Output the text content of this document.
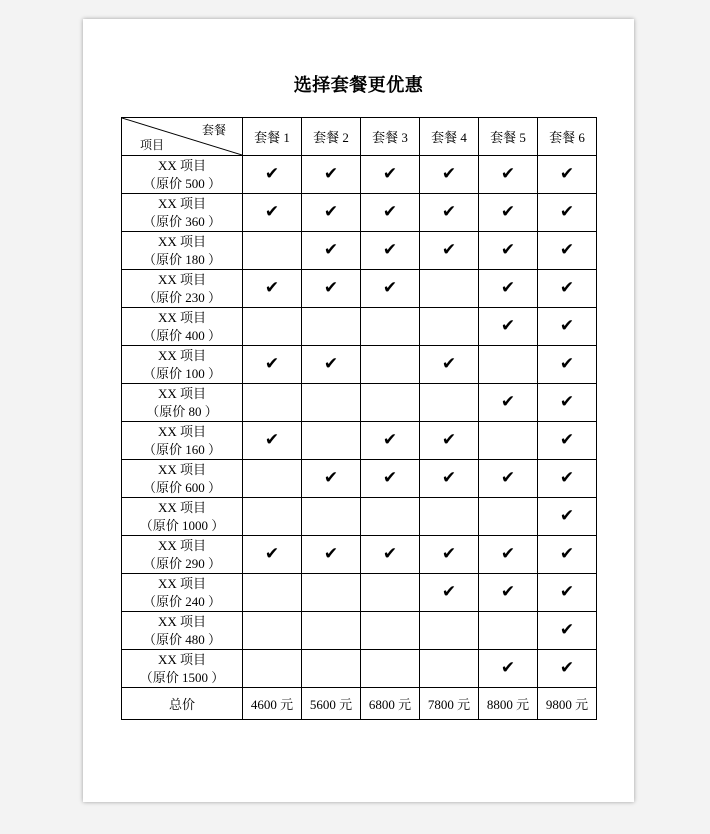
选择套餐更优惠
套餐
项目	套餐 1	套餐 2	套餐 3	套餐 4	套餐 5	套餐 6

XX 项目
（原价 500 ）	✔	✔	✔	✔	✔	✔

XX 项目
（原价 360 ）	✔	✔	✔	✔	✔	✔

XX 项目
（原价 180 ）		✔	✔	✔	✔	✔

XX 项目
（原价 230 ）	✔	✔	✔		✔	✔

XX 项目
（原价 400 ）					✔	✔

XX 项目
（原价 100 ）	✔	✔		✔		✔

XX 项目
（原价 80 ）					✔	✔

XX 项目
（原价 160 ）	✔		✔	✔		✔

XX 项目
（原价 600 ）		✔	✔	✔	✔	✔

XX 项目
（原价 1000 ）						✔

XX 项目
（原价 290 ）	✔	✔	✔	✔	✔	✔

XX 项目
（原价 240 ）				✔	✔	✔

XX 项目
（原价 480 ）						✔

XX 项目
（原价 1500 ）					✔	✔
总价	4600 元	5600 元	6800 元	7800 元	8800 元	9800 元
